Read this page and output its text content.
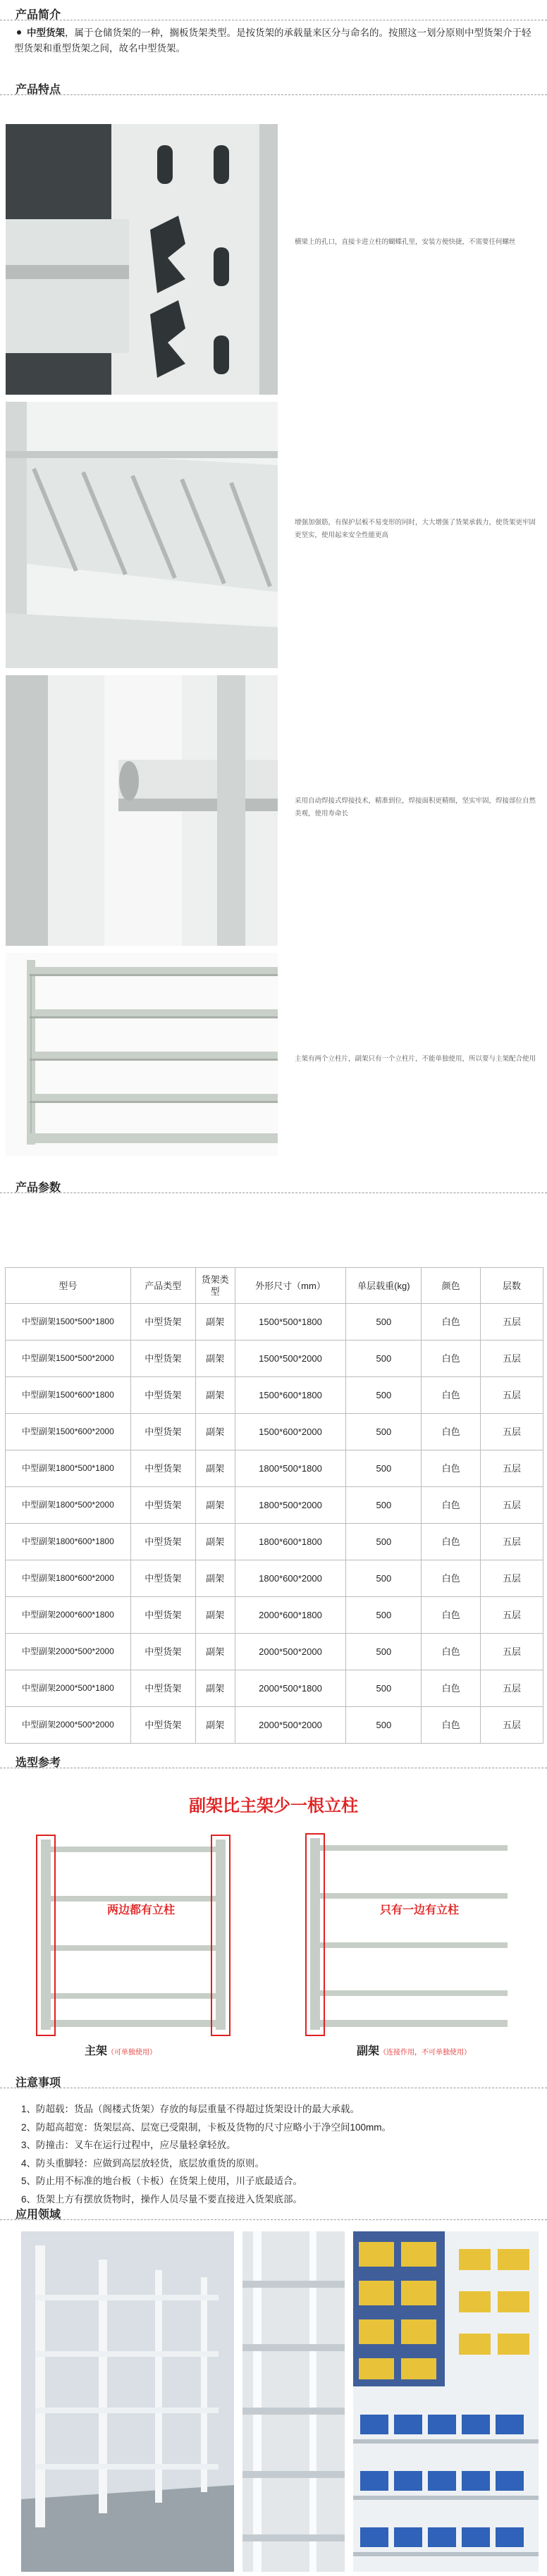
产品简介
中型货架，属于仓储货架的一种，搁板货架类型。是按货架的承载量来区分与命名的。按照这一划分原则中型货架介于轻型货架和重型货架之间，故名中型货架。
产品特点
横梁上的孔口，直接卡进立柱的蝴蝶孔里，安装方便快捷，不需要任何螺丝
增强加强筋，有保护层板不易变形的同时，大大增强了货架承载力，使货架更牢固更坚实，使用起来安全性能更高
采用自动焊接式焊接技术，精准到位，焊接面积更精细，坚实牢固，焊接部位自然美观，使用寿命长
主架有两个立柱片，副架只有一个立柱片，不能单独使用，所以要与主架配合使用
产品参数
型号	产品类型	货架类型	外形尺寸（mm）	单层载重(kg)	颜色	层数
中型副架1500*500*1800	中型货架	副架	1500*500*1800	500	白色	五层
中型副架1500*500*2000	中型货架	副架	1500*500*2000	500	白色	五层
中型副架1500*600*1800	中型货架	副架	1500*600*1800	500	白色	五层
中型副架1500*600*2000	中型货架	副架	1500*600*2000	500	白色	五层
中型副架1800*500*1800	中型货架	副架	1800*500*1800	500	白色	五层
中型副架1800*500*2000	中型货架	副架	1800*500*2000	500	白色	五层
中型副架1800*600*1800	中型货架	副架	1800*600*1800	500	白色	五层
中型副架1800*600*2000	中型货架	副架	1800*600*2000	500	白色	五层
中型副架2000*600*1800	中型货架	副架	2000*600*1800	500	白色	五层
中型副架2000*500*2000	中型货架	副架	2000*500*2000	500	白色	五层
中型副架2000*500*1800	中型货架	副架	2000*500*1800	500	白色	五层
中型副架2000*500*2000	中型货架	副架	2000*500*2000	500	白色	五层
选型参考
副架比主架少一根立柱
两边都有立柱
主架（可单独使用）
只有一边有立柱
副架（连接作用，不可单独使用）
注意事项
1、防超载：货品（阁楼式货架）存放的每层重量不得超过货架设计的最大承载。
2、防超高超宽：货架层高、层宽已受限制，卡板及货物的尺寸应略小于净空间100mm。
3、防撞击：叉车在运行过程中，应尽量轻拿轻放。
4、防头重脚轻：应做到高层放轻货，底层放重货的原则。
5、防止用不标准的地台板（卡板）在货架上使用，川子底最适合。
6、货架上方有摆放货物时，操作人员尽量不要直接进入货架底部。
应用领域
